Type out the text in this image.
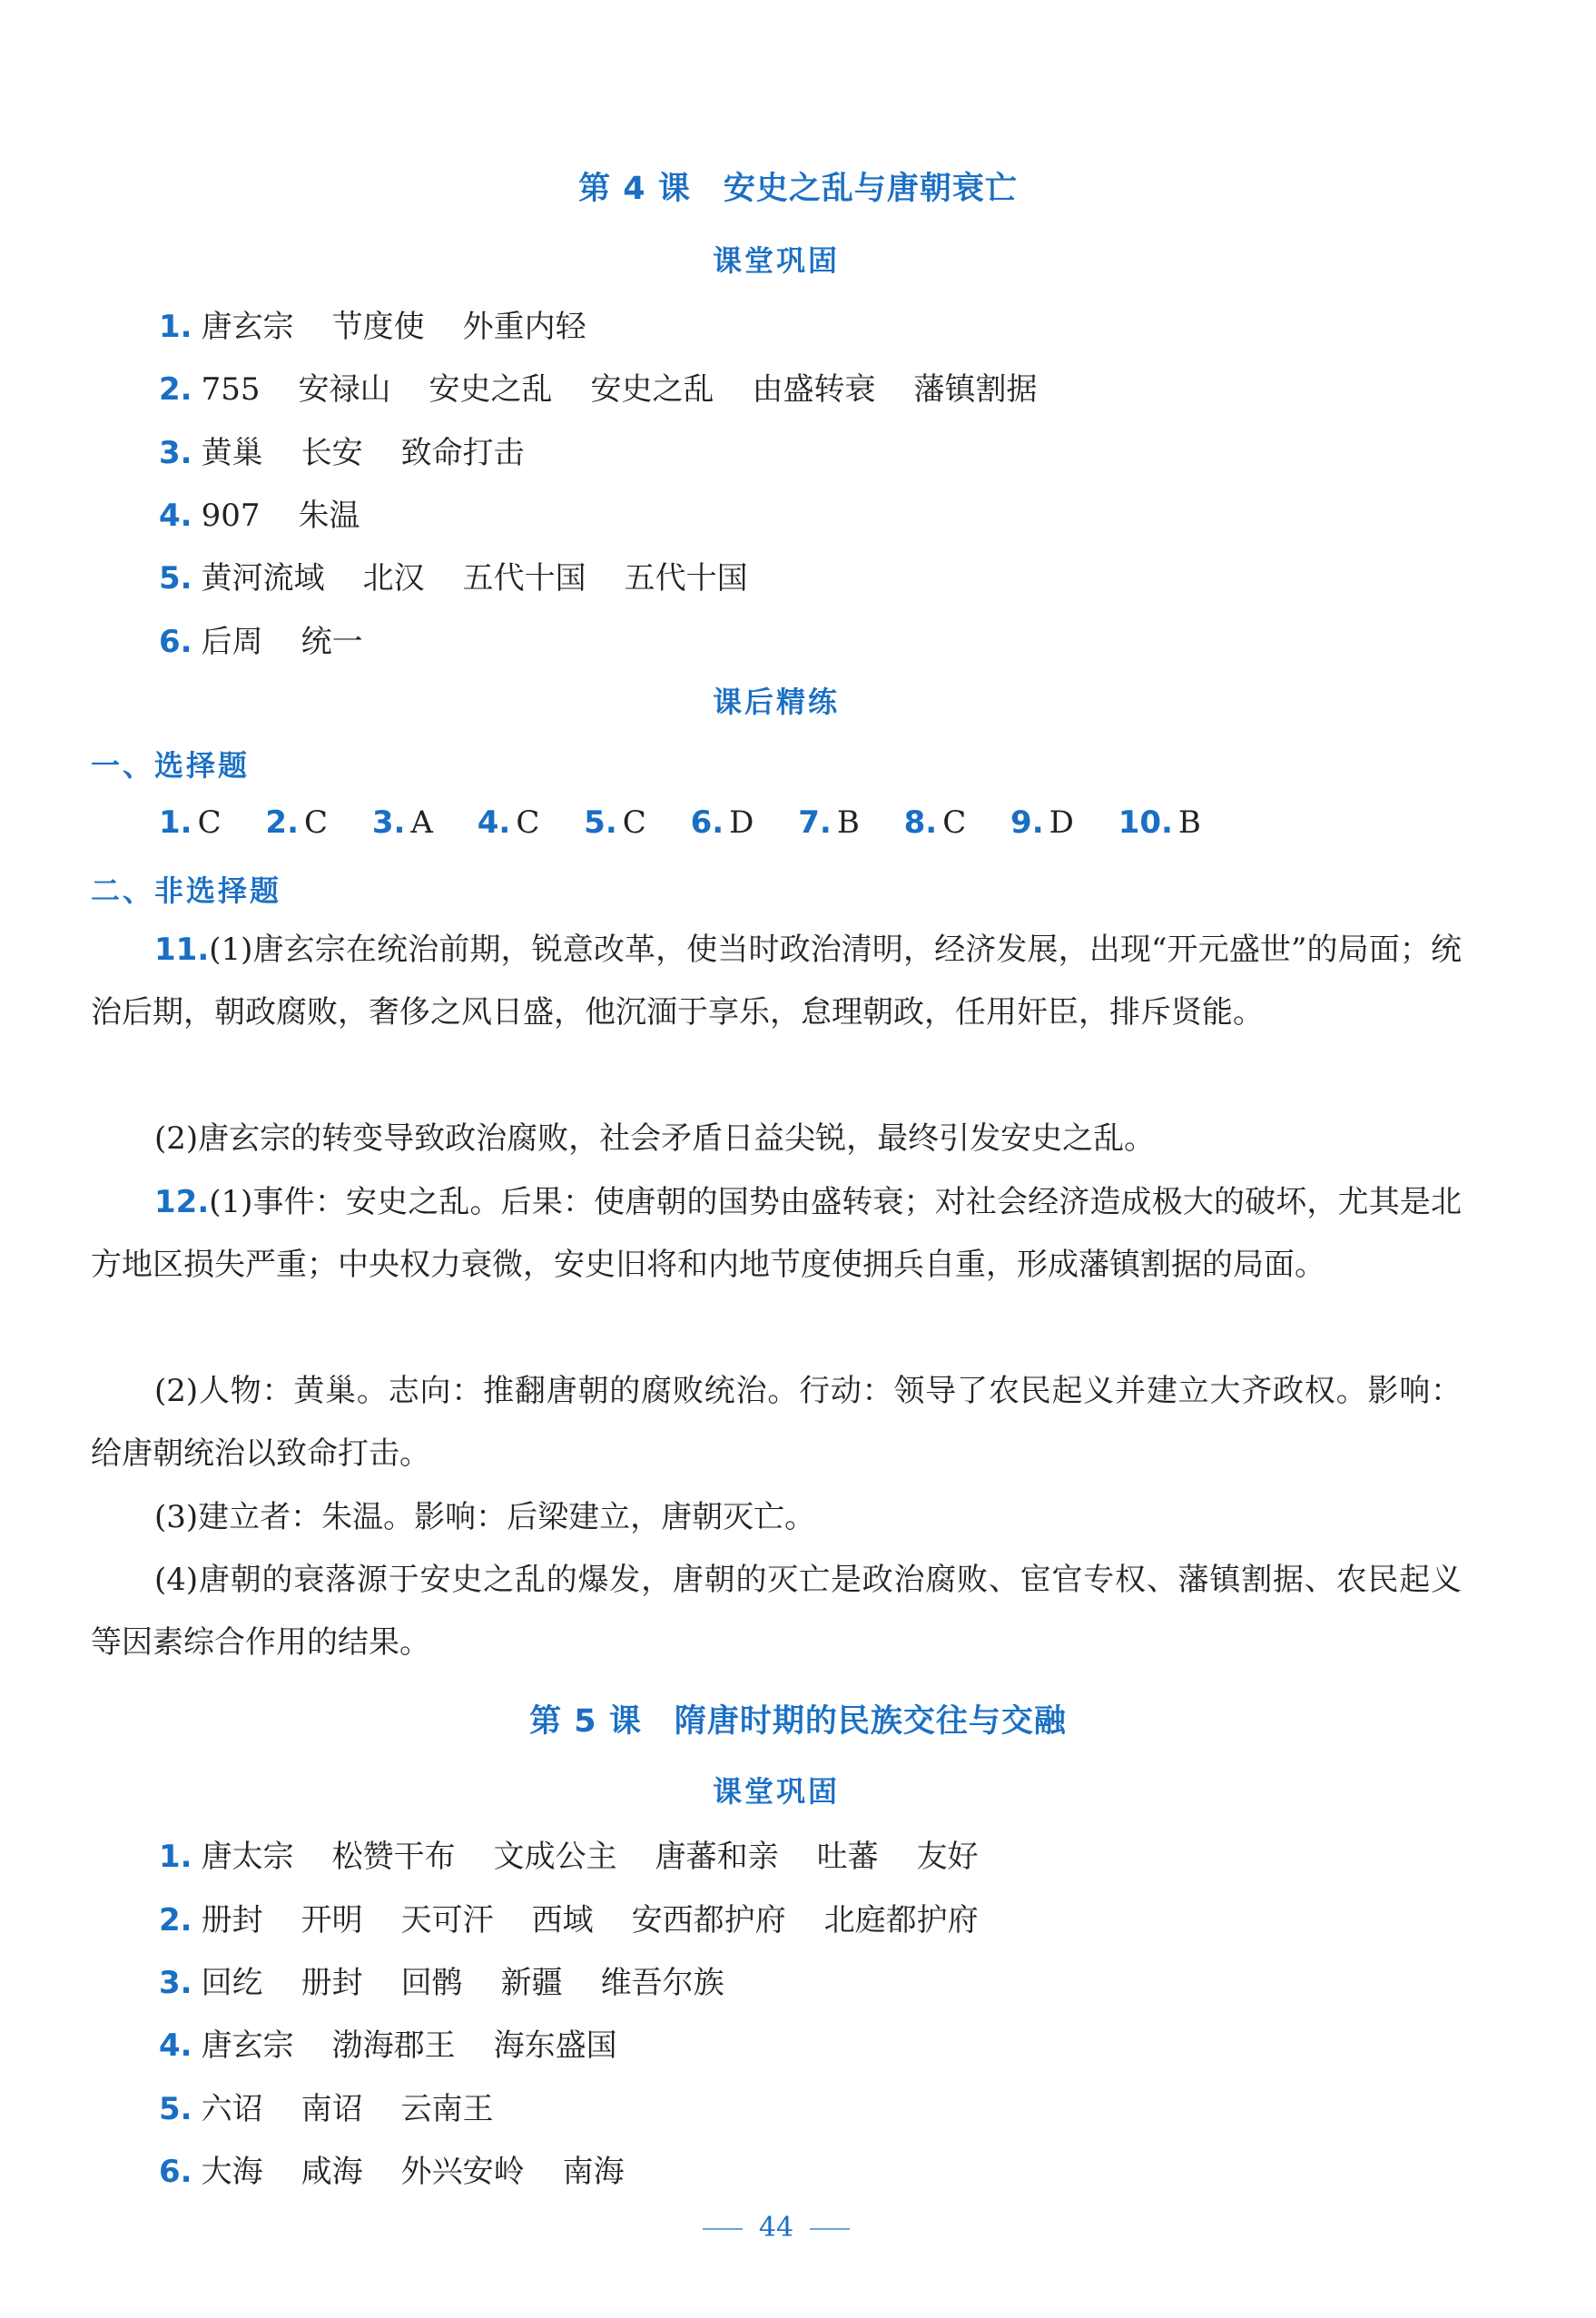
第 4 课 安史之乱与唐朝衰亡
课堂巩固
1. 唐玄宗 节度使 外重内轻
2. 755 安禄山 安史之乱 安史之乱 由盛转衰 藩镇割据
3. 黄巢 长安 致命打击
4. 907 朱温
5. 黄河流域 北汉 五代十国 五代十国
6. 后周 统一
课后精练
一、选择题
1. C 2. C 3. A 4. C 5. C 6. D 7. B 8. C 9. D 10. B
二、非选择题
11.(1)唐玄宗在统治前期，锐意改革，使当时政治清明，经济发展，出现“开元盛世”的局面；统治后期，朝政腐败，奢侈之风日盛，他沉湎于享乐，怠理朝政，任用奸臣，排斥贤能。
(2)唐玄宗的转变导致政治腐败，社会矛盾日益尖锐，最终引发安史之乱。
12.(1)事件：安史之乱。后果：使唐朝的国势由盛转衰；对社会经济造成极大的破坏，尤其是北方地区损失严重；中央权力衰微，安史旧将和内地节度使拥兵自重，形成藩镇割据的局面。
(2)人物：黄巢。志向：推翻唐朝的腐败统治。行动：领导了农民起义并建立大齐政权。影响：给唐朝统治以致命打击。
(3)建立者：朱温。影响：后梁建立，唐朝灭亡。
(4)唐朝的衰落源于安史之乱的爆发，唐朝的灭亡是政治腐败、宦官专权、藩镇割据、农民起义等因素综合作用的结果。
第 5 课 隋唐时期的民族交往与交融
课堂巩固
1. 唐太宗 松赞干布 文成公主 唐蕃和亲 吐蕃 友好
2. 册封 开明 天可汗 西域 安西都护府 北庭都护府
3. 回纥 册封 回鹘 新疆 维吾尔族
4. 唐玄宗 渤海郡王 海东盛国
5. 六诏 南诏 云南王
6. 大海 咸海 外兴安岭 南海
44
